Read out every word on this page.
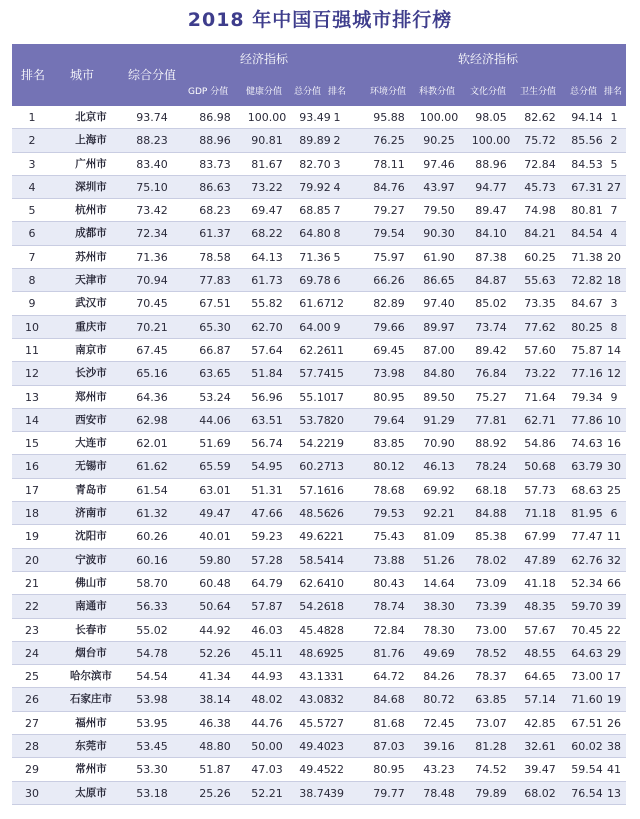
2018 年中国百强城市排行榜
排名 城市	综合分值
经济指标	软经济指标
GDP 分值 健康分值 总分值 排名	环境分值 科教分值 文化分值 卫生分值 总分值 排名
1	北京市	93.74	86.98	100.00	93.49 1	95.88	100.00	98.05	82.62	94.14 1
2	上海市	88.23	88.96	90.81	89.89 2	76.25	90.25	100.00	75.72	85.56 2
3	广州市	83.40	83.73	81.67	82.70 3	78.11	97.46	88.96	72.84	84.53 5
4	深圳市	75.10	86.63	73.22	79.92 4	84.76	43.97	94.77	45.73	67.31 27
5	杭州市	73.42	68.23	69.47	68.85 7	79.27	79.50	89.47	74.98	80.81 7
6	成都市	72.34	61.37	68.22	64.80 8	79.54	90.30	84.10	84.21	84.54 4
7	苏州市	71.36	78.58	64.13	71.36 5	75.97	61.90	87.38	60.25	71.38 20
8	天津市	70.94	77.83	61.73	69.78 6	66.26	86.65	84.87	55.63	72.82 18
9	武汉市	70.45	67.51	55.82	61.67 12	82.89	97.40	85.02	73.35	84.67 3
10	重庆市	70.21	65.30	62.70	64.00 9	79.66	89.97	73.74	77.62	80.25 8
11	南京市	67.45	66.87	57.64	62.26 11	69.45	87.00	89.42	57.60	75.87 14
12	长沙市	65.16	63.65	51.84	57.74 15	73.98	84.80	76.84	73.22	77.16 12
13	郑州市	64.36	53.24	56.96	55.10 17	80.95	89.50	75.27	71.64	79.34 9
14	西安市	62.98	44.06	63.51	53.78 20	79.64	91.29	77.81	62.71	77.86 10
15	大连市	62.01	51.69	56.74	54.22 19	83.85	70.90	88.92	54.86	74.63 16
16	无锡市	61.62	65.59	54.95	60.27 13	80.12	46.13	78.24	50.68	63.79 30
17	青岛市	61.54	63.01	51.31	57.16 16	78.68	69.92	68.18	57.73	68.63 25
18	济南市	61.32	49.47	47.66	48.56 26	79.53	92.21	84.88	71.18	81.95 6
19	沈阳市	60.26	40.01	59.23	49.62 21	75.43	81.09	85.38	67.99	77.47 11
20	宁波市	60.16	59.80	57.28	58.54 14	73.88	51.26	78.02	47.89	62.76 32
21	佛山市	58.70	60.48	64.79	62.64 10	80.43	14.64	73.09	41.18	52.34 66
22	南通市	56.33	50.64	57.87	54.26 18	78.74	38.30	73.39	48.35	59.70 39
23	长春市	55.02	44.92	46.03	45.48 28	72.84	78.30	73.00	57.67	70.45 22
24	烟台市	54.78	52.26	45.11	48.69 25	81.76	49.69	78.52	48.55	64.63 29
25	哈尔滨市	54.54	41.34	44.93	43.13 31	64.72	84.26	78.37	64.65	73.00 17
26	石家庄市	53.98	38.14	48.02	43.08 32	84.68	80.72	63.85	57.14	71.60 19
27	福州市	53.95	46.38	44.76	45.57 27	81.68	72.45	73.07	42.85	67.51 26
28	东莞市	53.45	48.80	50.00	49.40 23	87.03	39.16	81.28	32.61	60.02 38
29	常州市	53.30	51.87	47.03	49.45 22	80.95	43.23	74.52	39.47	59.54 41
30	太原市	53.18	25.26	52.21	38.74 39	79.77	78.48	79.89	68.02	76.54 13
